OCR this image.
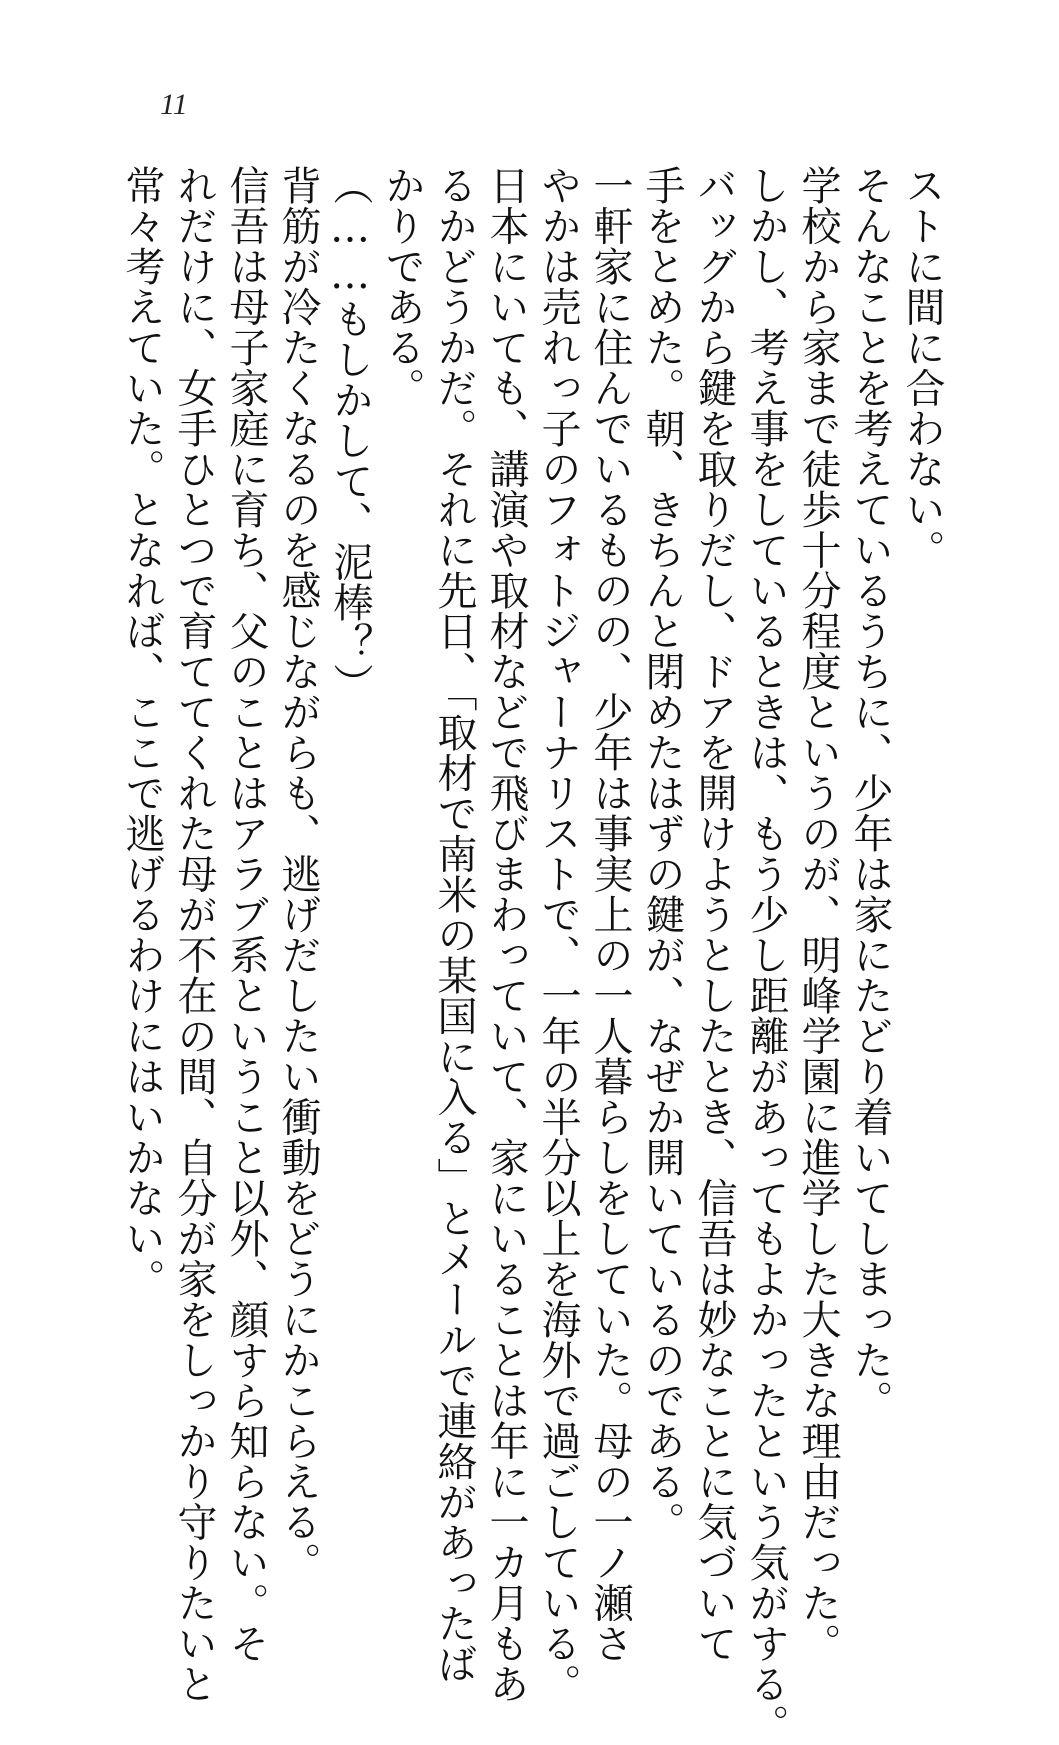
11
ストに間に合わない。
そんなことを考えているうちに、少年は家にたどり着いてしまった。
学校から家まで徒歩十分程度というのが、明峰学園に進学した大きな理由だった。
しかし、考え事をしているときは、もう少し距離があってもよかったという気がする。
バッグから鍵を取りだし、ドアを開けようとしたとき、信吾は妙なことに気づいて
手をとめた。朝、きちんと閉めたはずの鍵が、なぜか開いているのである。
一軒家に住んでいるものの、少年は事実上の一人暮らしをしていた。母の一ノ瀬さ
やかは売れっ子のフォトジャーナリストで、一年の半分以上を海外で過ごしている。
日本にいても、講演や取材などで飛びまわっていて、家にいることは年に一カ月もあ
るかどうかだ。それに先日、「取材で南米の某国に入る」とメールで連絡があったば
かりである。
（……もしかして、泥棒？）
背筋が冷たくなるのを感じながらも、逃げだしたい衝動をどうにかこらえる。
信吾は母子家庭に育ち、父のことはアラブ系ということ以外、顔すら知らない。そ
れだけに、女手ひとつで育ててくれた母が不在の間、自分が家をしっかり守りたいと
常々考えていた。となれば、ここで逃げるわけにはいかない。
